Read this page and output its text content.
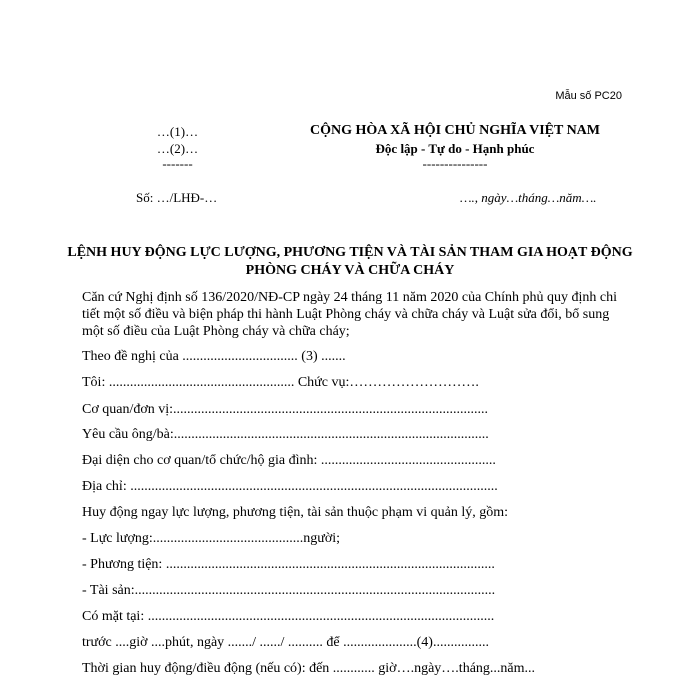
Mẫu số PC20
…(1)…
…(2)…
-------
CỘNG HÒA XÃ HỘI CHỦ NGHĨA VIỆT NAM
Độc lập - Tự do - Hạnh phúc
---------------
Số: …/LHĐ-…	…., ngày…tháng…năm….
LỆNH HUY ĐỘNG LỰC LƯỢNG, PHƯƠNG TIỆN VÀ TÀI SẢN THAM GIA HOẠT ĐỘNG PHÒNG CHÁY VÀ CHỮA CHÁY
Căn cứ Nghị định số 136/2020/NĐ-CP ngày 24 tháng 11 năm 2020 của Chính phủ quy định chi tiết một số điều và biện pháp thi hành Luật Phòng cháy và chữa cháy và Luật sửa đổi, bổ sung một số điều của Luật Phòng cháy và chữa cháy;
Theo đề nghị của ................................. (3) .......
Tôi: ..................................................... Chức vụ:……………………….
Cơ quan/đơn vị:..........................................................................................
Yêu cầu ông/bà:..........................................................................................
Đại diện cho cơ quan/tổ chức/hộ gia đình: ..................................................
Địa chỉ: .........................................................................................................
Huy động ngay lực lượng, phương tiện, tài sản thuộc phạm vi quản lý, gồm:
- Lực lượng:...........................................người;
- Phương tiện: ..............................................................................................
- Tài sản:.......................................................................................................
Có mặt tại: ...................................................................................................
trước ....giờ ....phút, ngày ......./ ....../ .......... để .....................(4)................
Thời gian huy động/điều động (nếu có): đến ............ giờ….ngày….tháng...năm...
